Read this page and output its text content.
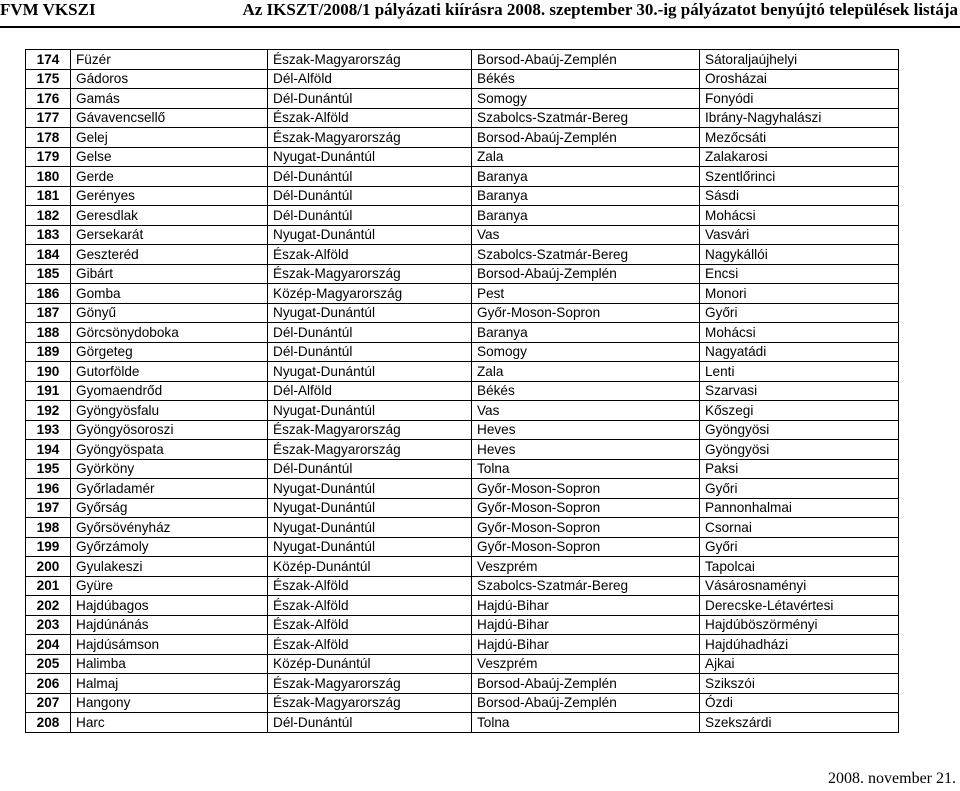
FVM VKSZI	Az IKSZT/2008/1 pályázati kiírásra 2008. szeptember 30.-ig pályázatot benyújtó települések listája
174	Füzér	Észak-Magyarország	Borsod-Abaúj-Zemplén	Sátoraljaújhelyi
175	Gádoros	Dél-Alföld	Békés	Orosházai
176	Gamás	Dél-Dunántúl	Somogy	Fonyódi
177	Gávavencsellő	Észak-Alföld	Szabolcs-Szatmár-Bereg	Ibrány-Nagyhalászi
178	Gelej	Észak-Magyarország	Borsod-Abaúj-Zemplén	Mezőcsáti
179	Gelse	Nyugat-Dunántúl	Zala	Zalakarosi
180	Gerde	Dél-Dunántúl	Baranya	Szentlőrinci
181	Gerényes	Dél-Dunántúl	Baranya	Sásdi
182	Geresdlak	Dél-Dunántúl	Baranya	Mohácsi
183	Gersekarát	Nyugat-Dunántúl	Vas	Vasvári
184	Geszteréd	Észak-Alföld	Szabolcs-Szatmár-Bereg	Nagykállói
185	Gibárt	Észak-Magyarország	Borsod-Abaúj-Zemplén	Encsi
186	Gomba	Közép-Magyarország	Pest	Monori
187	Gönyű	Nyugat-Dunántúl	Győr-Moson-Sopron	Győri
188	Görcsönydoboka	Dél-Dunántúl	Baranya	Mohácsi
189	Görgeteg	Dél-Dunántúl	Somogy	Nagyatádi
190	Gutorfölde	Nyugat-Dunántúl	Zala	Lenti
191	Gyomaendrőd	Dél-Alföld	Békés	Szarvasi
192	Gyöngyösfalu	Nyugat-Dunántúl	Vas	Kőszegi
193	Gyöngyösoroszi	Észak-Magyarország	Heves	Gyöngyösi
194	Gyöngyöspata	Észak-Magyarország	Heves	Gyöngyösi
195	Györköny	Dél-Dunántúl	Tolna	Paksi
196	Győrladamér	Nyugat-Dunántúl	Győr-Moson-Sopron	Győri
197	Győrság	Nyugat-Dunántúl	Győr-Moson-Sopron	Pannonhalmai
198	Győrsövényház	Nyugat-Dunántúl	Győr-Moson-Sopron	Csornai
199	Győrzámoly	Nyugat-Dunántúl	Győr-Moson-Sopron	Győri
200	Gyulakeszi	Közép-Dunántúl	Veszprém	Tapolcai
201	Gyüre	Észak-Alföld	Szabolcs-Szatmár-Bereg	Vásárosnaményi
202	Hajdúbagos	Észak-Alföld	Hajdú-Bihar	Derecske-Létavértesi
203	Hajdúnánás	Észak-Alföld	Hajdú-Bihar	Hajdúböszörményi
204	Hajdúsámson	Észak-Alföld	Hajdú-Bihar	Hajdúhadházi
205	Halimba	Közép-Dunántúl	Veszprém	Ajkai
206	Halmaj	Észak-Magyarország	Borsod-Abaúj-Zemplén	Szikszói
207	Hangony	Észak-Magyarország	Borsod-Abaúj-Zemplén	Ózdi
208	Harc	Dél-Dunántúl	Tolna	Szekszárdi
2008. november 21.
